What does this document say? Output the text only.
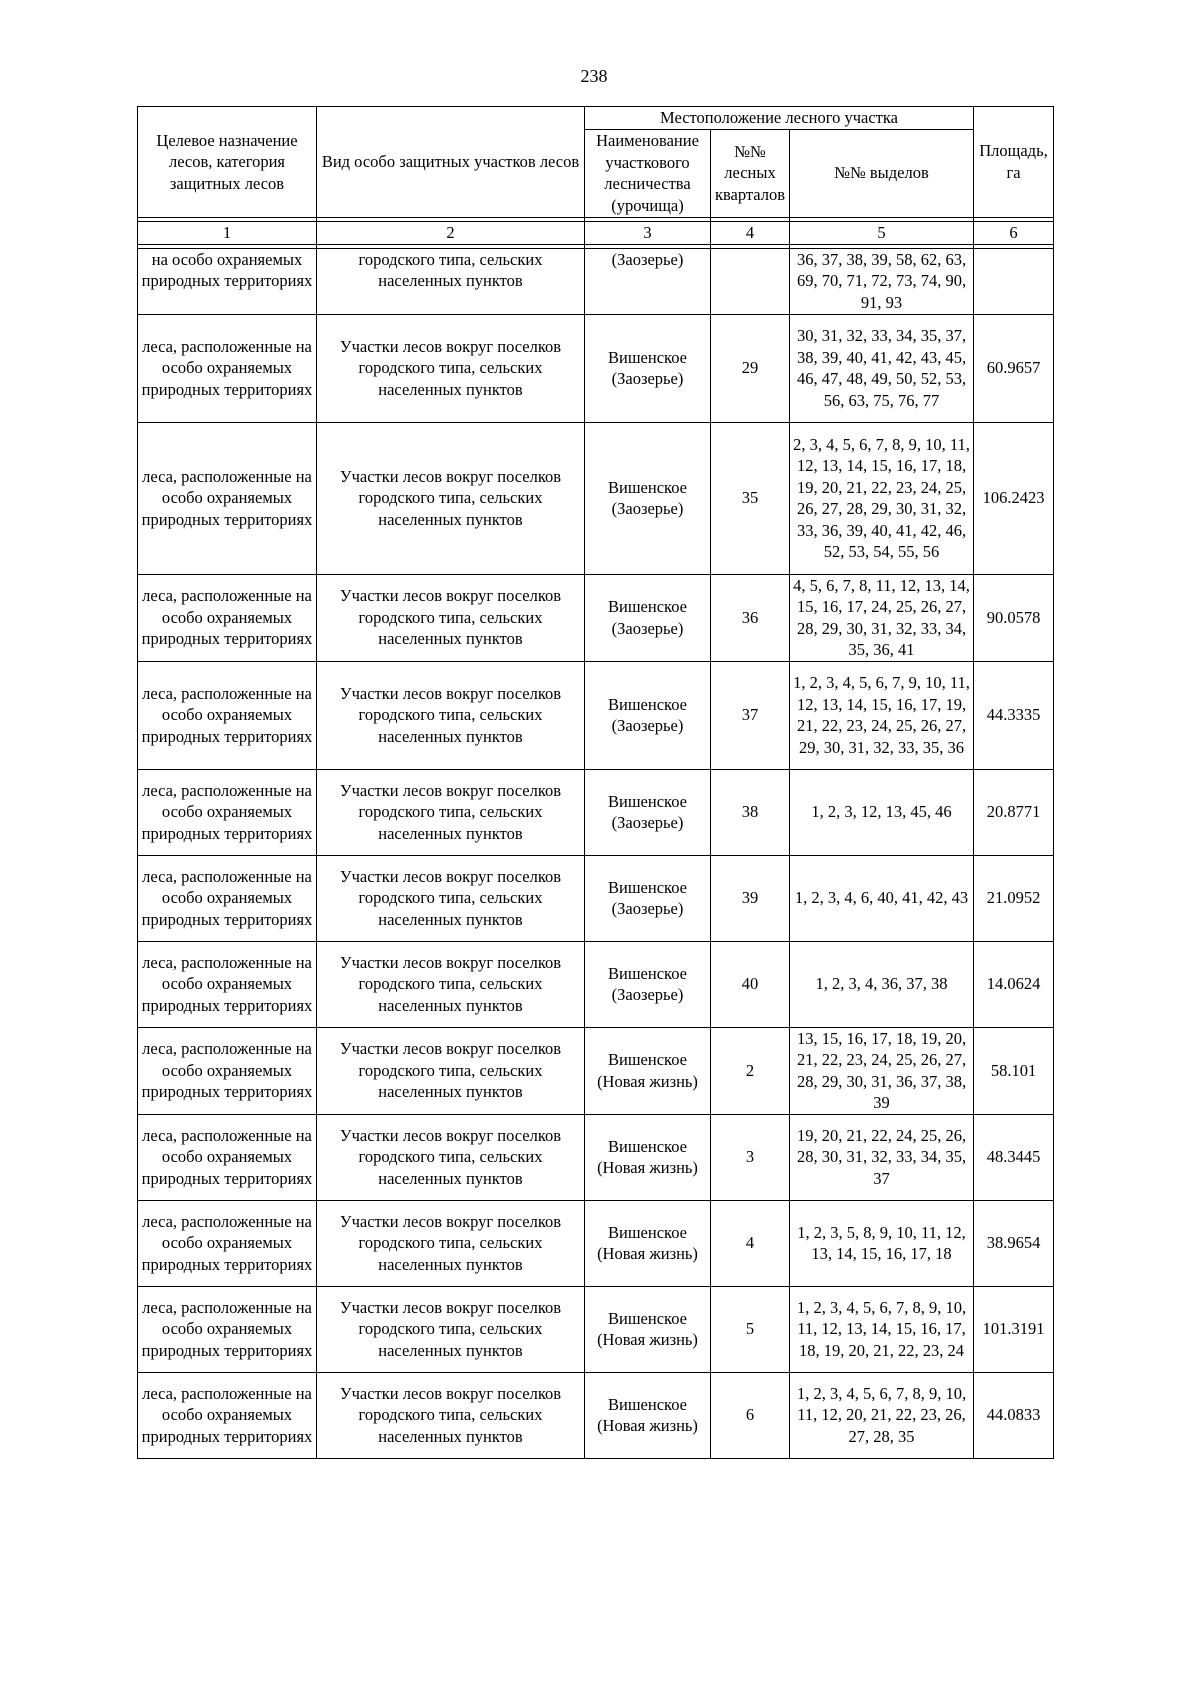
238
Целевое назначение лесов, категория защитных лесов	Вид особо защитных участков лесов	Местоположение лесного участка			Площадь, га
		Наименование участкового лесничества (урочища)	№№ лесных кварталов	№№ выделов	

1	2	3	4	5	6

на особо охраняемых природных территориях	городского типа, сельских населенных пунктов	(Заозерье)		36, 37, 38, 39, 58, 62, 63, 69, 70, 71, 72, 73, 74, 90, 91, 93	
леса, расположенные на особо охраняемых природных территориях	Участки лесов вокруг поселков городского типа, сельских населенных пунктов	Вишенское (Заозерье)	29	30, 31, 32, 33, 34, 35, 37, 38, 39, 40, 41, 42, 43, 45, 46, 47, 48, 49, 50, 52, 53, 56, 63, 75, 76, 77	60.9657
леса, расположенные на особо охраняемых природных территориях	Участки лесов вокруг поселков городского типа, сельских населенных пунктов	Вишенское (Заозерье)	35	2, 3, 4, 5, 6, 7, 8, 9, 10, 11, 12, 13, 14, 15, 16, 17, 18, 19, 20, 21, 22, 23, 24, 25, 26, 27, 28, 29, 30, 31, 32, 33, 36, 39, 40, 41, 42, 46, 52, 53, 54, 55, 56	106.2423
леса, расположенные на особо охраняемых природных территориях	Участки лесов вокруг поселков городского типа, сельских населенных пунктов	Вишенское (Заозерье)	36	4, 5, 6, 7, 8, 11, 12, 13, 14, 15, 16, 17, 24, 25, 26, 27, 28, 29, 30, 31, 32, 33, 34, 35, 36, 41	90.0578
леса, расположенные на особо охраняемых природных территориях	Участки лесов вокруг поселков городского типа, сельских населенных пунктов	Вишенское (Заозерье)	37	1, 2, 3, 4, 5, 6, 7, 9, 10, 11, 12, 13, 14, 15, 16, 17, 19, 21, 22, 23, 24, 25, 26, 27, 29, 30, 31, 32, 33, 35, 36	44.3335
леса, расположенные на особо охраняемых природных территориях	Участки лесов вокруг поселков городского типа, сельских населенных пунктов	Вишенское (Заозерье)	38	1, 2, 3, 12, 13, 45, 46	20.8771
леса, расположенные на особо охраняемых природных территориях	Участки лесов вокруг поселков городского типа, сельских населенных пунктов	Вишенское (Заозерье)	39	1, 2, 3, 4, 6, 40, 41, 42, 43	21.0952
леса, расположенные на особо охраняемых природных территориях	Участки лесов вокруг поселков городского типа, сельских населенных пунктов	Вишенское (Заозерье)	40	1, 2, 3, 4, 36, 37, 38	14.0624
леса, расположенные на особо охраняемых природных территориях	Участки лесов вокруг поселков городского типа, сельских населенных пунктов	Вишенское (Новая жизнь)	2	13, 15, 16, 17, 18, 19, 20, 21, 22, 23, 24, 25, 26, 27, 28, 29, 30, 31, 36, 37, 38, 39	58.101
леса, расположенные на особо охраняемых природных территориях	Участки лесов вокруг поселков городского типа, сельских населенных пунктов	Вишенское (Новая жизнь)	3	19, 20, 21, 22, 24, 25, 26, 28, 30, 31, 32, 33, 34, 35, 37	48.3445
леса, расположенные на особо охраняемых природных территориях	Участки лесов вокруг поселков городского типа, сельских населенных пунктов	Вишенское (Новая жизнь)	4	1, 2, 3, 5, 8, 9, 10, 11, 12, 13, 14, 15, 16, 17, 18	38.9654
леса, расположенные на особо охраняемых природных территориях	Участки лесов вокруг поселков городского типа, сельских населенных пунктов	Вишенское (Новая жизнь)	5	1, 2, 3, 4, 5, 6, 7, 8, 9, 10, 11, 12, 13, 14, 15, 16, 17, 18, 19, 20, 21, 22, 23, 24	101.3191
леса, расположенные на особо охраняемых природных территориях	Участки лесов вокруг поселков городского типа, сельских населенных пунктов	Вишенское (Новая жизнь)	6	1, 2, 3, 4, 5, 6, 7, 8, 9, 10, 11, 12, 20, 21, 22, 23, 26, 27, 28, 35	44.0833
